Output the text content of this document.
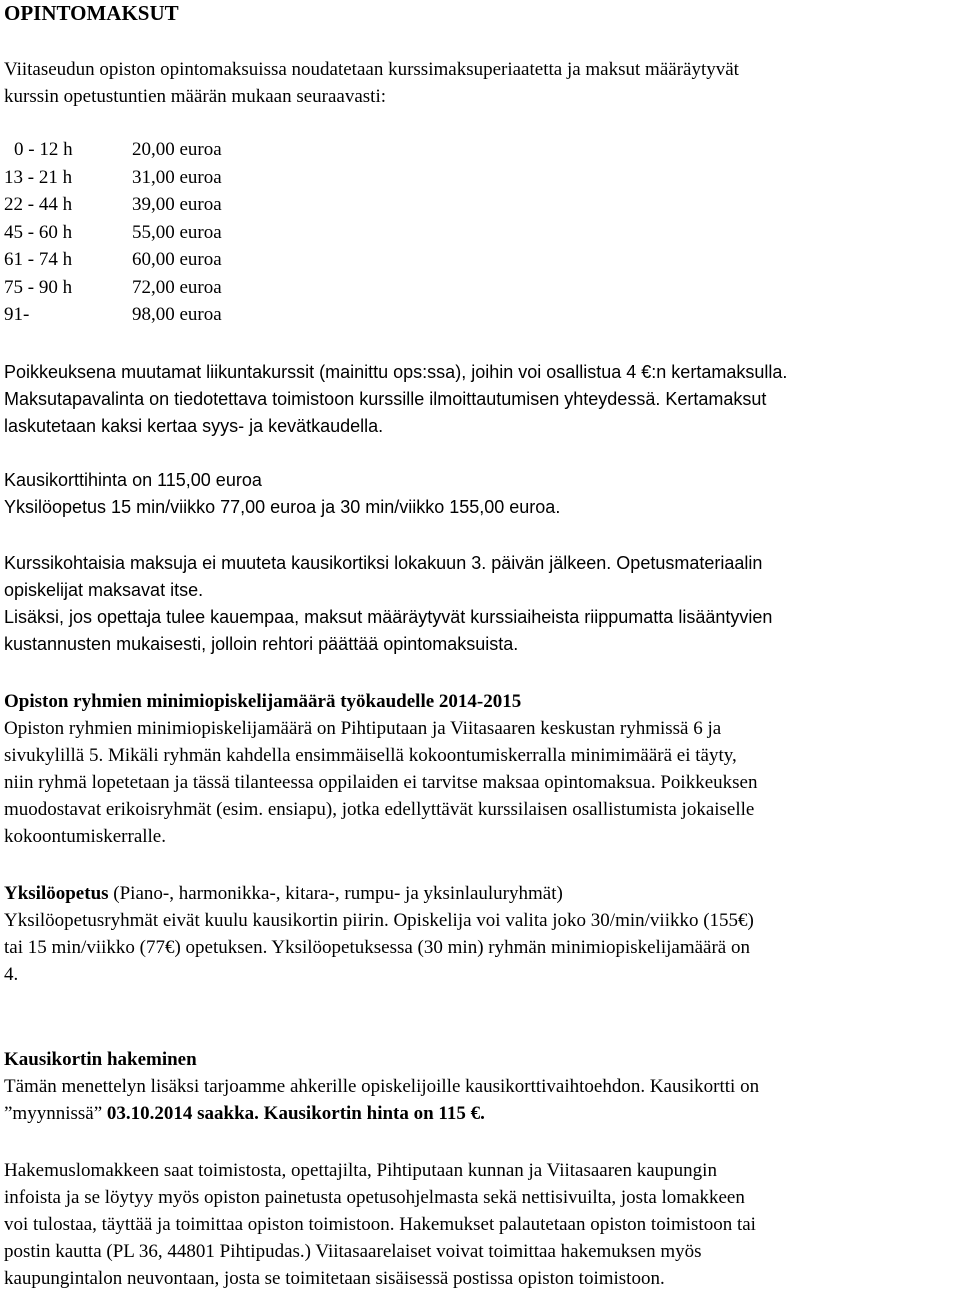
OPINTOMAKSUT
Viitaseudun opiston opintomaksuissa noudatetaan kurssimaksuperiaatetta ja maksut määräytyvät
kurssin opetustuntien määrän mukaan seuraavasti:
0 - 12 h	20,00 euroa
13 - 21 h	31,00 euroa
22 - 44 h	39,00 euroa
45 - 60 h	55,00 euroa
61 - 74 h	60,00 euroa
75 - 90 h	72,00 euroa
91-	98,00 euroa
Poikkeuksena muutamat liikuntakurssit (mainittu ops:ssa), joihin voi osallistua 4 €:n kertamaksulla.
Maksutapavalinta on tiedotettava toimistoon kurssille ilmoittautumisen yhteydessä. Kertamaksut
laskutetaan kaksi kertaa syys- ja kevätkaudella.
Kausikorttihinta on 115,00 euroa
Yksilöopetus 15 min/viikko 77,00 euroa ja 30 min/viikko 155,00 euroa.
Kurssikohtaisia maksuja ei muuteta kausikortiksi lokakuun 3. päivän jälkeen. Opetusmateriaalin
opiskelijat maksavat itse.
Lisäksi, jos opettaja tulee kauempaa, maksut määräytyvät kurssiaiheista riippumatta lisääntyvien
kustannusten mukaisesti, jolloin rehtori päättää opintomaksuista.
Opiston ryhmien minimiopiskelijamäärä työkaudelle 2014-2015
Opiston ryhmien minimiopiskelijamäärä on Pihtiputaan ja Viitasaaren keskustan ryhmissä 6 ja
sivukylillä 5. Mikäli ryhmän kahdella ensimmäisellä kokoontumiskerralla minimimäärä ei täyty,
niin ryhmä lopetetaan ja tässä tilanteessa oppilaiden ei tarvitse maksaa opintomaksua. Poikkeuksen
muodostavat erikoisryhmät (esim. ensiapu), jotka edellyttävät kurssilaisen osallistumista jokaiselle
kokoontumiskerralle.
Yksilöopetus (Piano-, harmonikka-, kitara-, rumpu- ja yksinlauluryhmät)
Yksilöopetusryhmät eivät kuulu kausikortin piirin. Opiskelija voi valita joko 30/min/viikko (155€)
tai 15 min/viikko (77€) opetuksen. Yksilöopetuksessa (30 min) ryhmän minimiopiskelijamäärä on
4.
Kausikortin hakeminen
Tämän menettelyn lisäksi tarjoamme ahkerille opiskelijoille kausikorttivaihtoehdon. Kausikortti on
”myynnissä” 03.10.2014 saakka. Kausikortin hinta on 115 €.
Hakemuslomakkeen saat toimistosta, opettajilta, Pihtiputaan kunnan ja Viitasaaren kaupungin
infoista ja se löytyy myös opiston painetusta opetusohjelmasta sekä nettisivuilta, josta lomakkeen
voi tulostaa, täyttää ja toimittaa opiston toimistoon. Hakemukset palautetaan opiston toimistoon tai
postin kautta (PL 36, 44801 Pihtipudas.) Viitasaarelaiset voivat toimittaa hakemuksen myös
kaupungintalon neuvontaan, josta se toimitetaan sisäisessä postissa opiston toimistoon.
